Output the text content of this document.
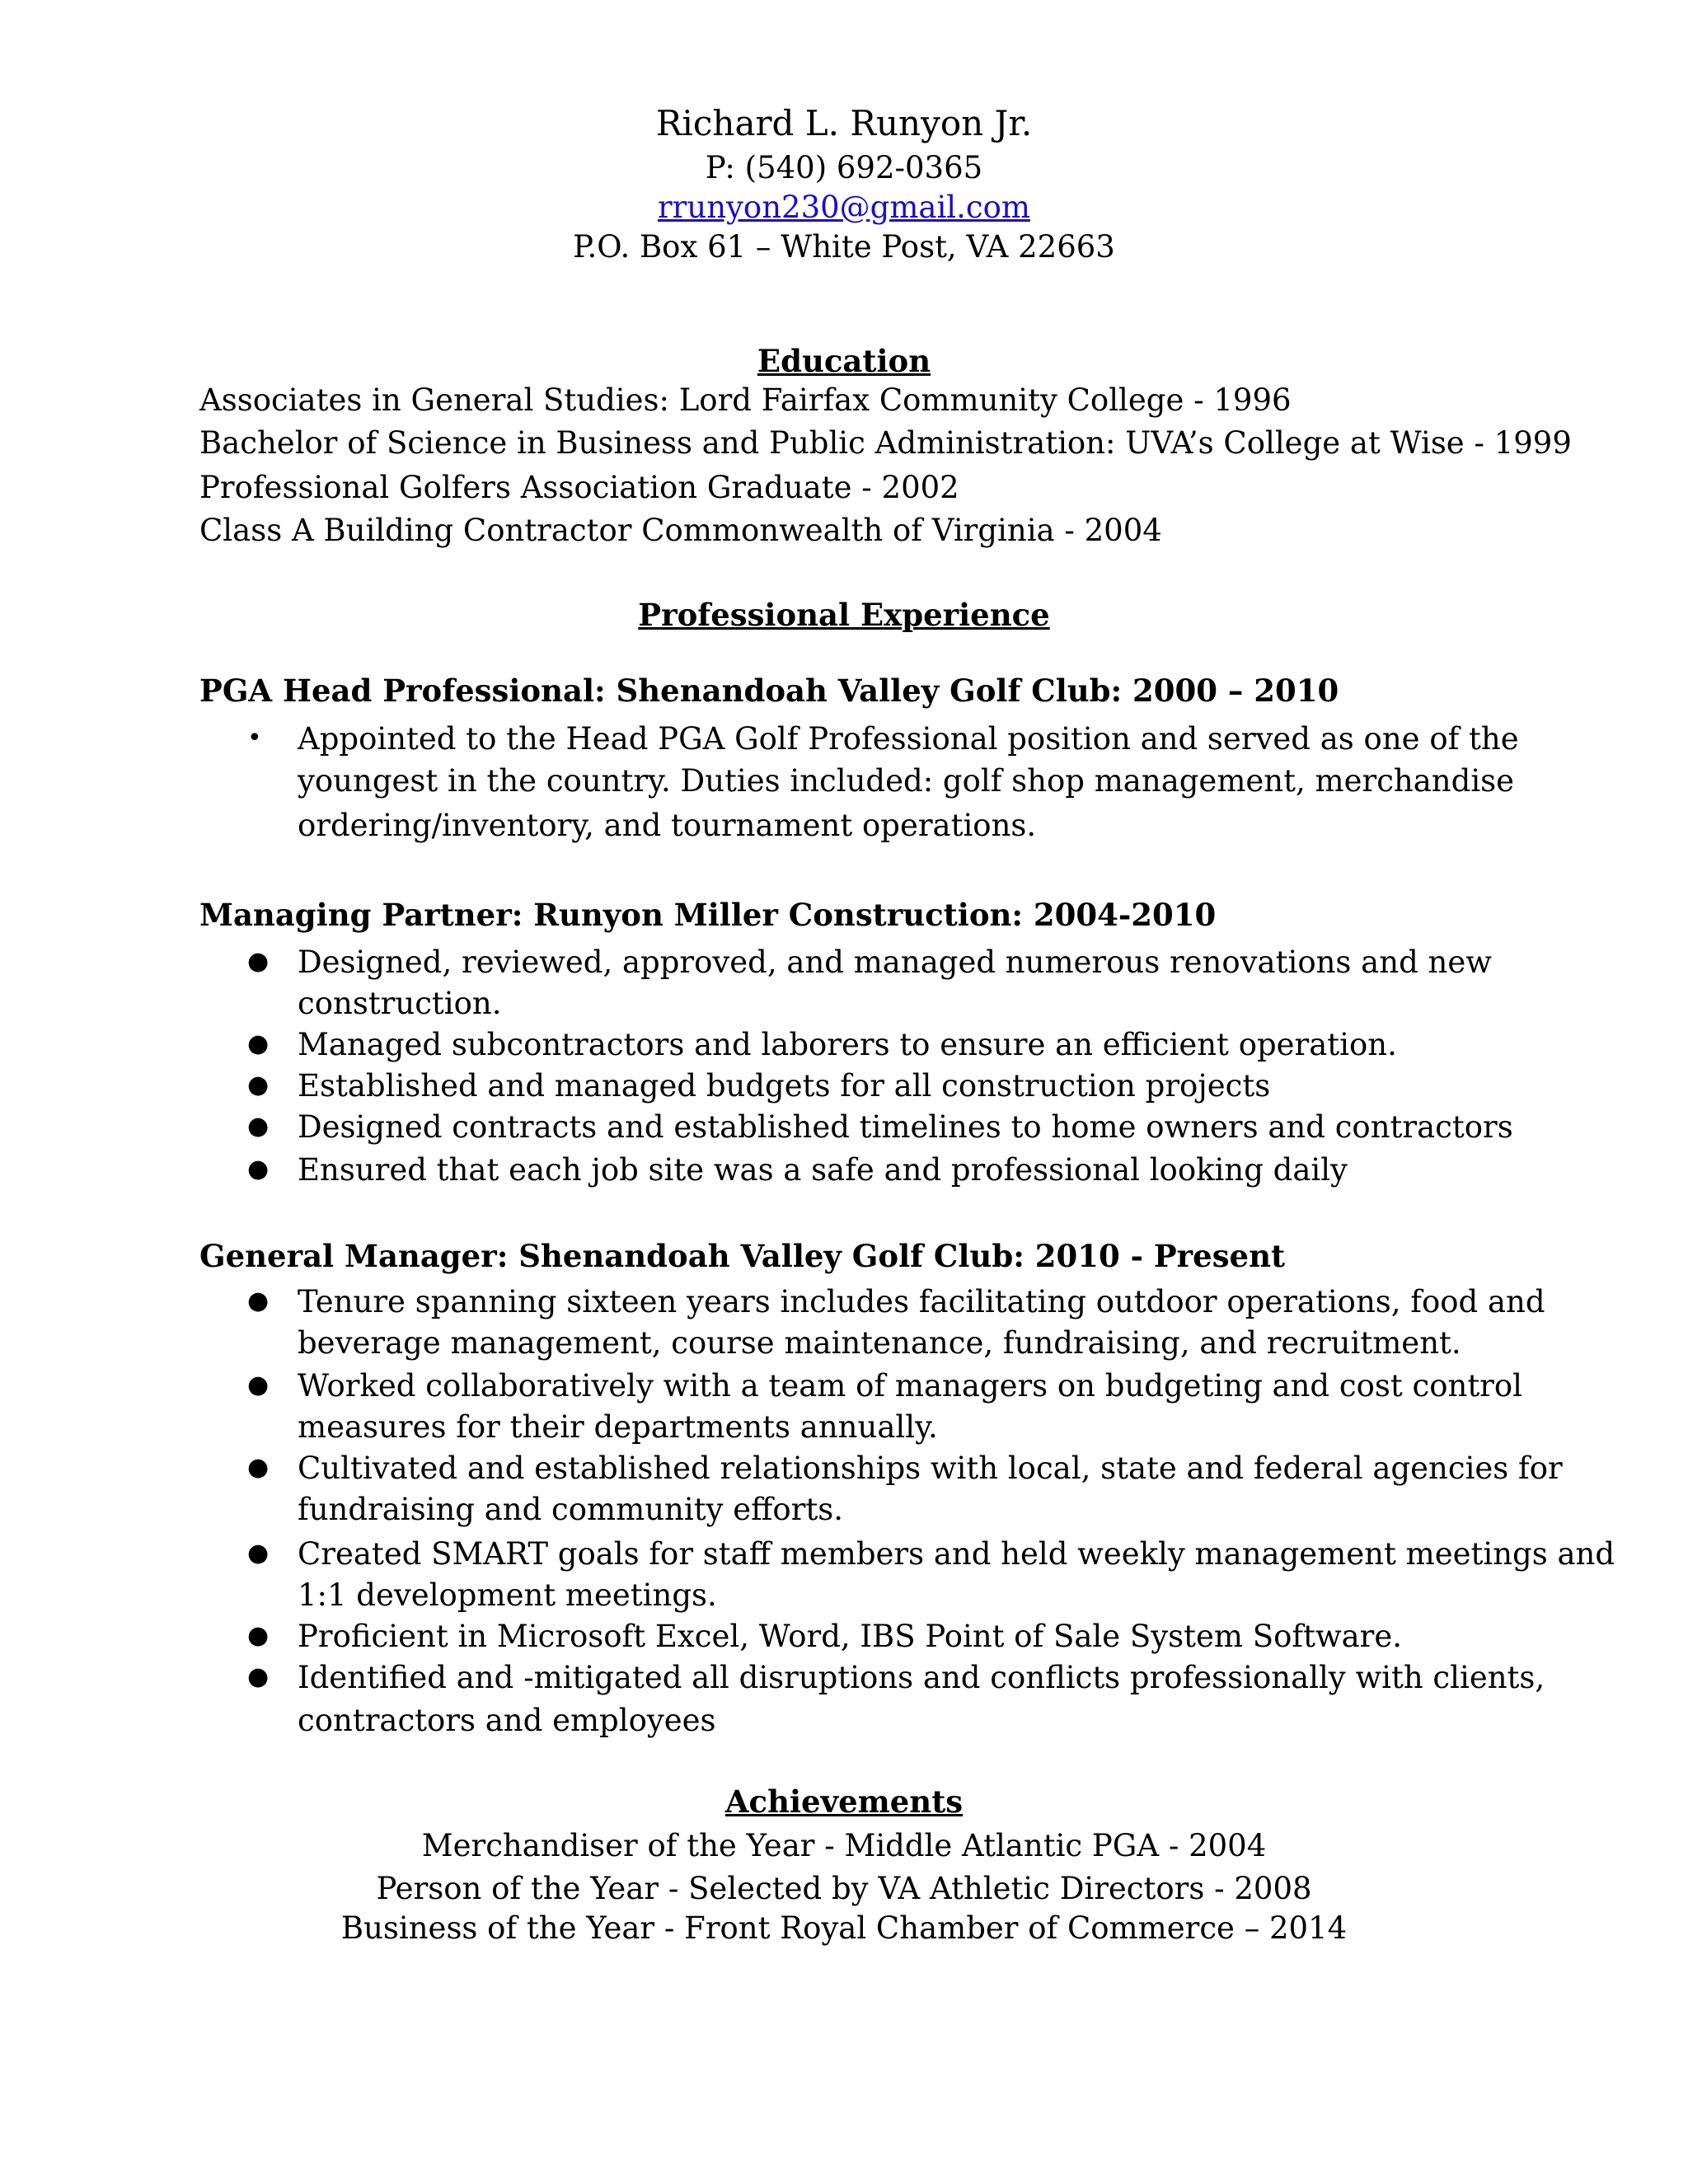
Richard L. Runyon Jr.
P: (540) 692-0365
rrunyon230@gmail.com
P.O. Box 61 – White Post, VA 22663
Education
Associates in General Studies: Lord Fairfax Community College - 1996
Bachelor of Science in Business and Public Administration: UVA’s College at Wise - 1999
Professional Golfers Association Graduate - 2002
Class A Building Contractor Commonwealth of Virginia - 2004
Professional Experience
PGA Head Professional: Shenandoah Valley Golf Club: 2000 – 2010
• Appointed to the Head PGA Golf Professional position and served as one of the
youngest in the country. Duties included: golf shop management, merchandise
ordering/inventory, and tournament operations.
Managing Partner: Runyon Miller Construction: 2004-2010
● Designed, reviewed, approved, and managed numerous renovations and new
construction.
● Managed subcontractors and laborers to ensure an efficient operation.
● Established and managed budgets for all construction projects
● Designed contracts and established timelines to home owners and contractors
● Ensured that each job site was a safe and professional looking daily
General Manager: Shenandoah Valley Golf Club: 2010 - Present
● Tenure spanning sixteen years includes facilitating outdoor operations, food and
beverage management, course maintenance, fundraising, and recruitment.
● Worked collaboratively with a team of managers on budgeting and cost control
measures for their departments annually.
● Cultivated and established relationships with local, state and federal agencies for
fundraising and community efforts.
● Created SMART goals for staff members and held weekly management meetings and
1:1 development meetings.
● Proficient in Microsoft Excel, Word, IBS Point of Sale System Software.
● Identified and -mitigated all disruptions and conflicts professionally with clients,
contractors and employees
Achievements
Merchandiser of the Year - Middle Atlantic PGA - 2004
Person of the Year - Selected by VA Athletic Directors - 2008
Business of the Year - Front Royal Chamber of Commerce – 2014
